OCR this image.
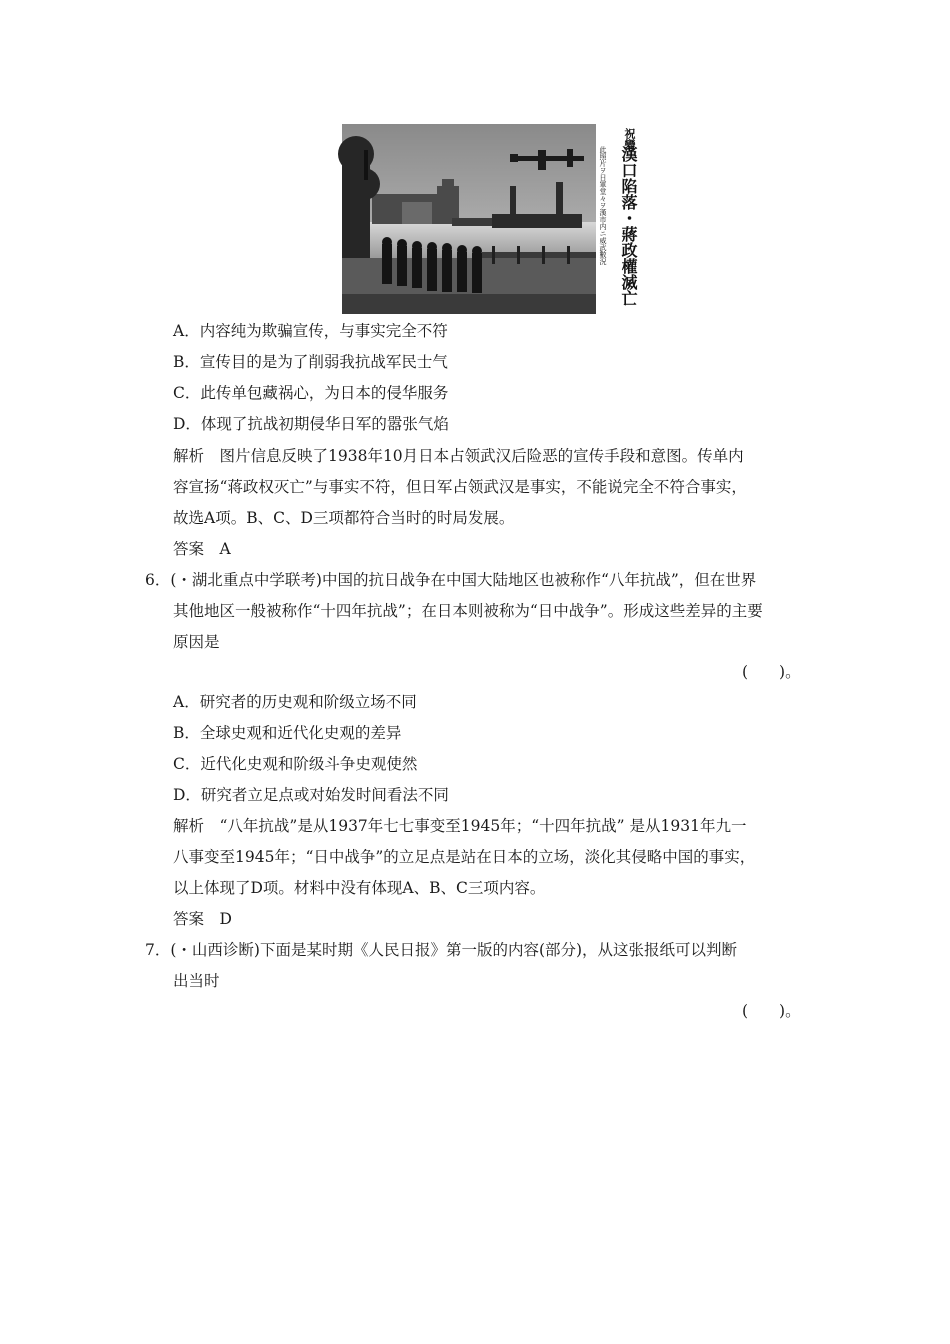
祝變
漢口陷落・蔣政權滅亡
此照片ヲ日軍堂々ヲ漢市内ニ威武數況
A．内容纯为欺骗宣传，与事实完全不符
B．宣传目的是为了削弱我抗战军民士气
C．此传单包藏祸心，为日本的侵华服务
D．体现了抗战初期侵华日军的嚣张气焰
解析　图片信息反映了1938年10月日本占领武汉后险恶的宣传手段和意图。传单内
容宣扬“蒋政权灭亡”与事实不符，但日军占领武汉是事实，不能说完全不符合事实，
故选A项。B、C、D三项都符合当时的时局发展。
答案　A
6．(・湖北重点中学联考)中国的抗日战争在中国大陆地区也被称作“八年抗战”，但在世界
其他地区一般被称作“十四年抗战”；在日本则被称为“日中战争”。形成这些差异的主要
原因是
(　　)。
A．研究者的历史观和阶级立场不同
B．全球史观和近代化史观的差异
C．近代化史观和阶级斗争史观使然
D．研究者立足点或对始发时间看法不同
解析　“八年抗战”是从1937年七七事变至1945年；“十四年抗战” 是从1931年九一
八事变至1945年；“日中战争”的立足点是站在日本的立场，淡化其侵略中国的事实，
以上体现了D项。材料中没有体现A、B、C三项内容。
答案　D
7．(・山西诊断)下面是某时期《人民日报》第一版的内容(部分)，从这张报纸可以判断
出当时
(　　)。
